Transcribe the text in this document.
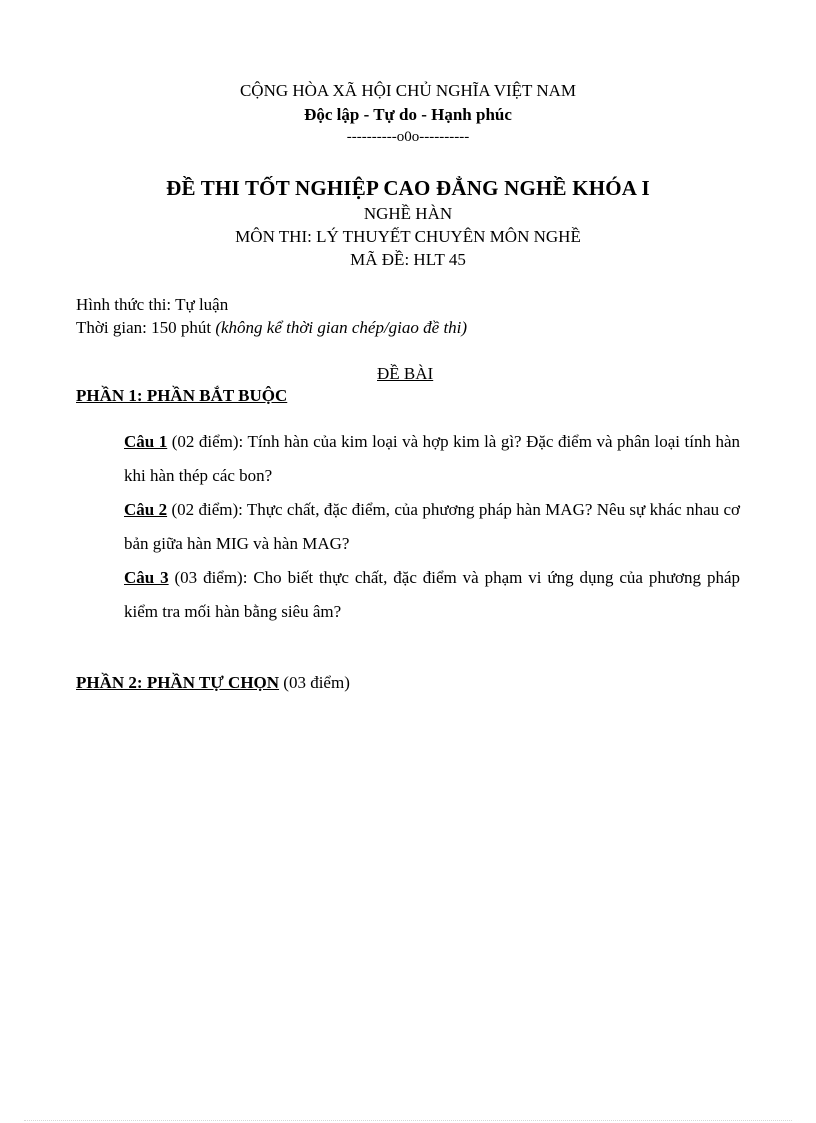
CỘNG HÒA XÃ HỘI CHỦ NGHĨA VIỆT NAM
Độc lập - Tự do - Hạnh phúc
----------o0o----------
ĐỀ THI TỐT NGHIỆP CAO ĐẲNG NGHỀ KHÓA I
NGHỀ HÀN
MÔN THI: LÝ THUYẾT CHUYÊN MÔN NGHỀ
MÃ ĐỀ: HLT 45
Hình thức thi: Tự luận
Thời gian: 150 phút (không kể thời gian chép/giao đề thi)
ĐỀ BÀI
PHẦN 1: PHẦN BẮT BUỘC
Câu 1 (02 điểm): Tính hàn của kim loại và hợp kim là gì? Đặc điểm và phân loại tính hàn khi hàn thép các bon?
Câu 2 (02 điểm): Thực chất, đặc điểm, của phương pháp hàn MAG? Nêu sự khác nhau cơ bản giữa hàn MIG và hàn MAG?
Câu 3 (03 điểm): Cho biết thực chất, đặc điểm và phạm vi ứng dụng của phương pháp kiểm tra mối hàn bằng siêu âm?
PHẦN 2: PHẦN TỰ CHỌN (03 điểm)
